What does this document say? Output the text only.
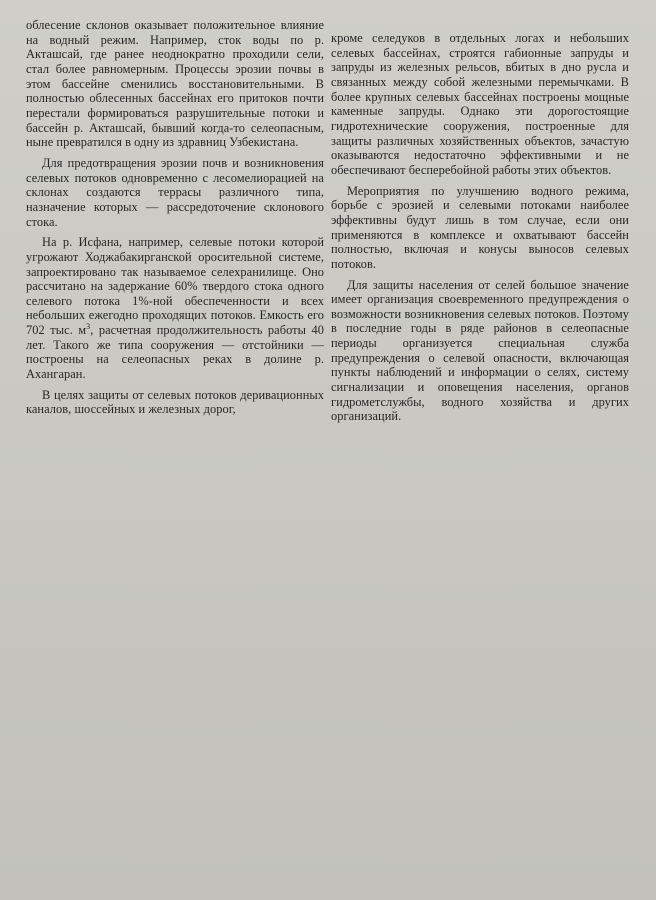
облесение склонов оказывает положительное влияние на водный режим. Например, сток воды по р. Акташсай, где ранее неоднократно проходили сели, стал более равномерным. Процессы эрозии почвы в этом бассейне сменились восстановительными. В полностью облесенных бассейнах его притоков почти перестали формироваться разрушительные потоки и бассейн р. Акташсай, бывший когда-то селеопасным, ныне превратился в одну из здравниц Узбекистана.

Для предотвращения эрозии почв и возникновения селевых потоков одновременно с лесомелиорацией на склонах создаются террасы различного типа, назначение которых — рассредоточение склонового стока.

На р. Исфана, например, селевые потоки которой угрожают Ходжабакирганской оросительной системе, запроектировано так называемое селехранилище. Оно рассчитано на задержание 60% твердого стока одного селевого потока 1%-ной обеспеченности и всех небольших ежегодно проходящих потоков. Емкость его 702 тыс. $м^3$, расчетная продолжительность работы 40 лет. Такого же типа сооружения — отстойники — построены на селеопасных реках в долине р. Ахангаран.

В целях защиты от селевых потоков деривационных каналов, шоссейных и железных дорог,

кроме селедуков в отдельных логах и небольших селевых бассейнах, строятся габионные запруды и запруды из железных рельсов, вбитых в дно русла и связанных между собой железными перемычками. В более крупных селевых бассейнах построены мощные каменные запруды. Однако эти дорогостоящие гидротехнические сооружения, построенные для защиты различных хозяйственных объектов, зачастую оказываются недостаточно эффективными и не обеспечивают бесперебойной работы этих объектов.

Мероприятия по улучшению водного режима, борьбе с эрозией и селевыми потоками наиболее эффективны будут лишь в том случае, если они применяются в комплексе и охватывают бассейн полностью, включая и конусы выносов селевых потоков.

Для защиты населения от селей большое значение имеет организация своевременного предупреждения о возможности возникновения селевых потоков. Поэтому в последние годы в ряде районов в селеопасные периоды организуется специальная служба предупреждения о селевой опасности, включающая пункты наблюдений и информации о селях, систему сигнализации и оповещения населения, органов гидрометслужбы, водного хозяйства и других организаций.
